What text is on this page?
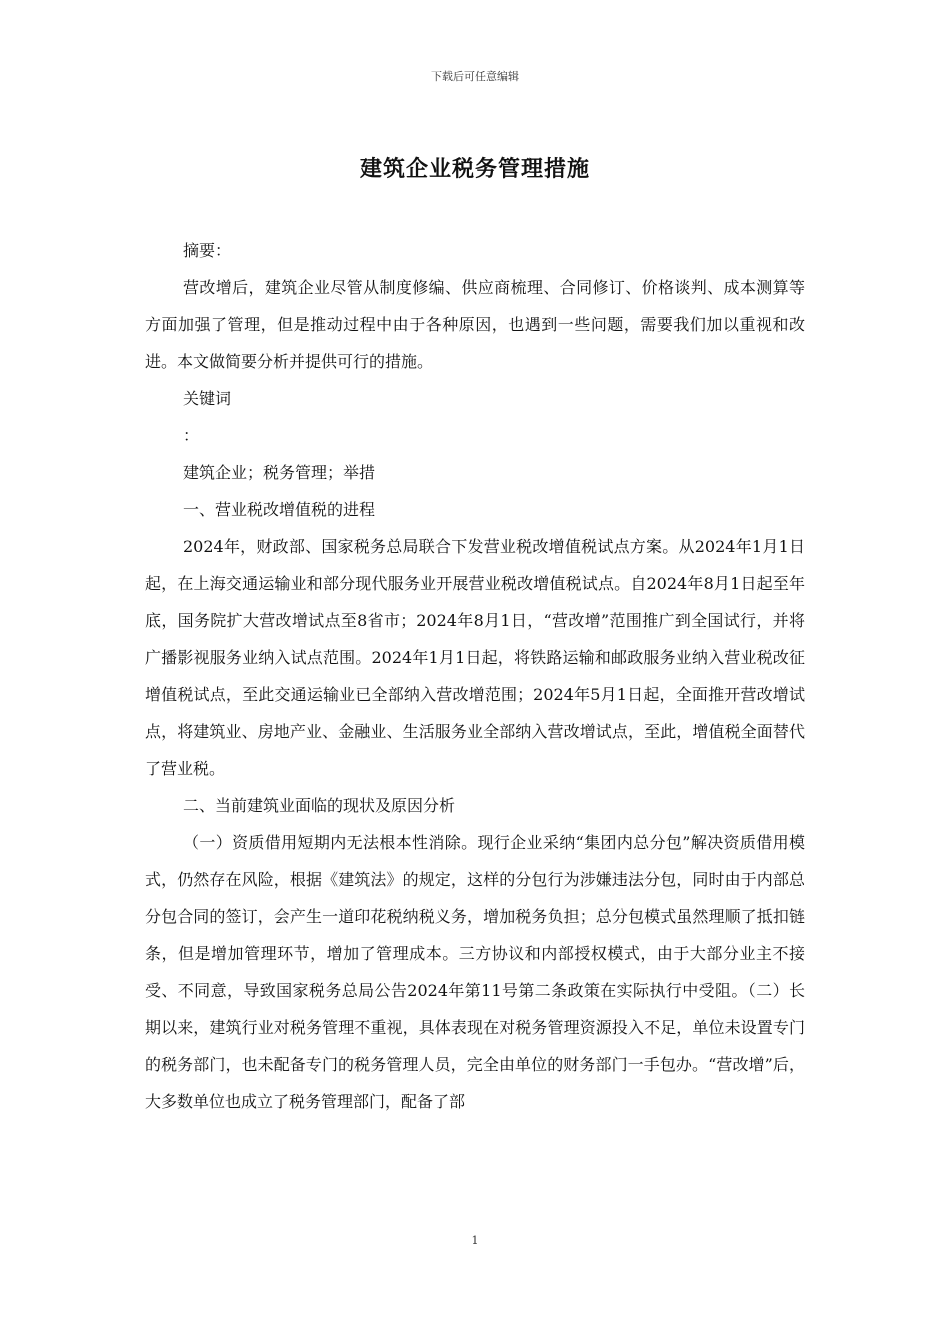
下载后可任意编辑
建筑企业税务管理措施

摘要：

营改增后，建筑企业尽管从制度修编、供应商梳理、合同修订、价格谈判、成本测算等方面加强了管理，但是推动过程中由于各种原因，也遇到一些问题，需要我们加以重视和改进。本文做简要分析并提供可行的措施。

关键词

：

建筑企业；税务管理；举措

一、营业税改增值税的进程

2024年，财政部、国家税务总局联合下发营业税改增值税试点方案。从2024年1月1日起，在上海交通运输业和部分现代服务业开展营业税改增值税试点。自2024年8月1日起至年底，国务院扩大营改增试点至8省市；2024年8月1日，“营改增”范围推广到全国试行，并将广播影视服务业纳入试点范围。2024年1月1日起，将铁路运输和邮政服务业纳入营业税改征增值税试点，至此交通运输业已全部纳入营改增范围；2024年5月1日起，全面推开营改增试点，将建筑业、房地产业、金融业、生活服务业全部纳入营改增试点，至此，增值税全面替代了营业税。

二、当前建筑业面临的现状及原因分析

（一）资质借用短期内无法根本性消除。现行企业采纳“集团内总分包”解决资质借用模式，仍然存在风险，根据《建筑法》的规定，这样的分包行为涉嫌违法分包，同时由于内部总分包合同的签订，会产生一道印花税纳税义务，增加税务负担；总分包模式虽然理顺了抵扣链条，但是增加管理环节，增加了管理成本。三方协议和内部授权模式，由于大部分业主不接受、不同意，导致国家税务总局公告2024年第11号第二条政策在实际执行中受阻。（二）长期以来，建筑行业对税务管理不重视，具体表现在对税务管理资源投入不足，单位未设置专门的税务部门，也未配备专门的税务管理人员，完全由单位的财务部门一手包办。“营改增”后，大多数单位也成立了税务管理部门，配备了部

1
